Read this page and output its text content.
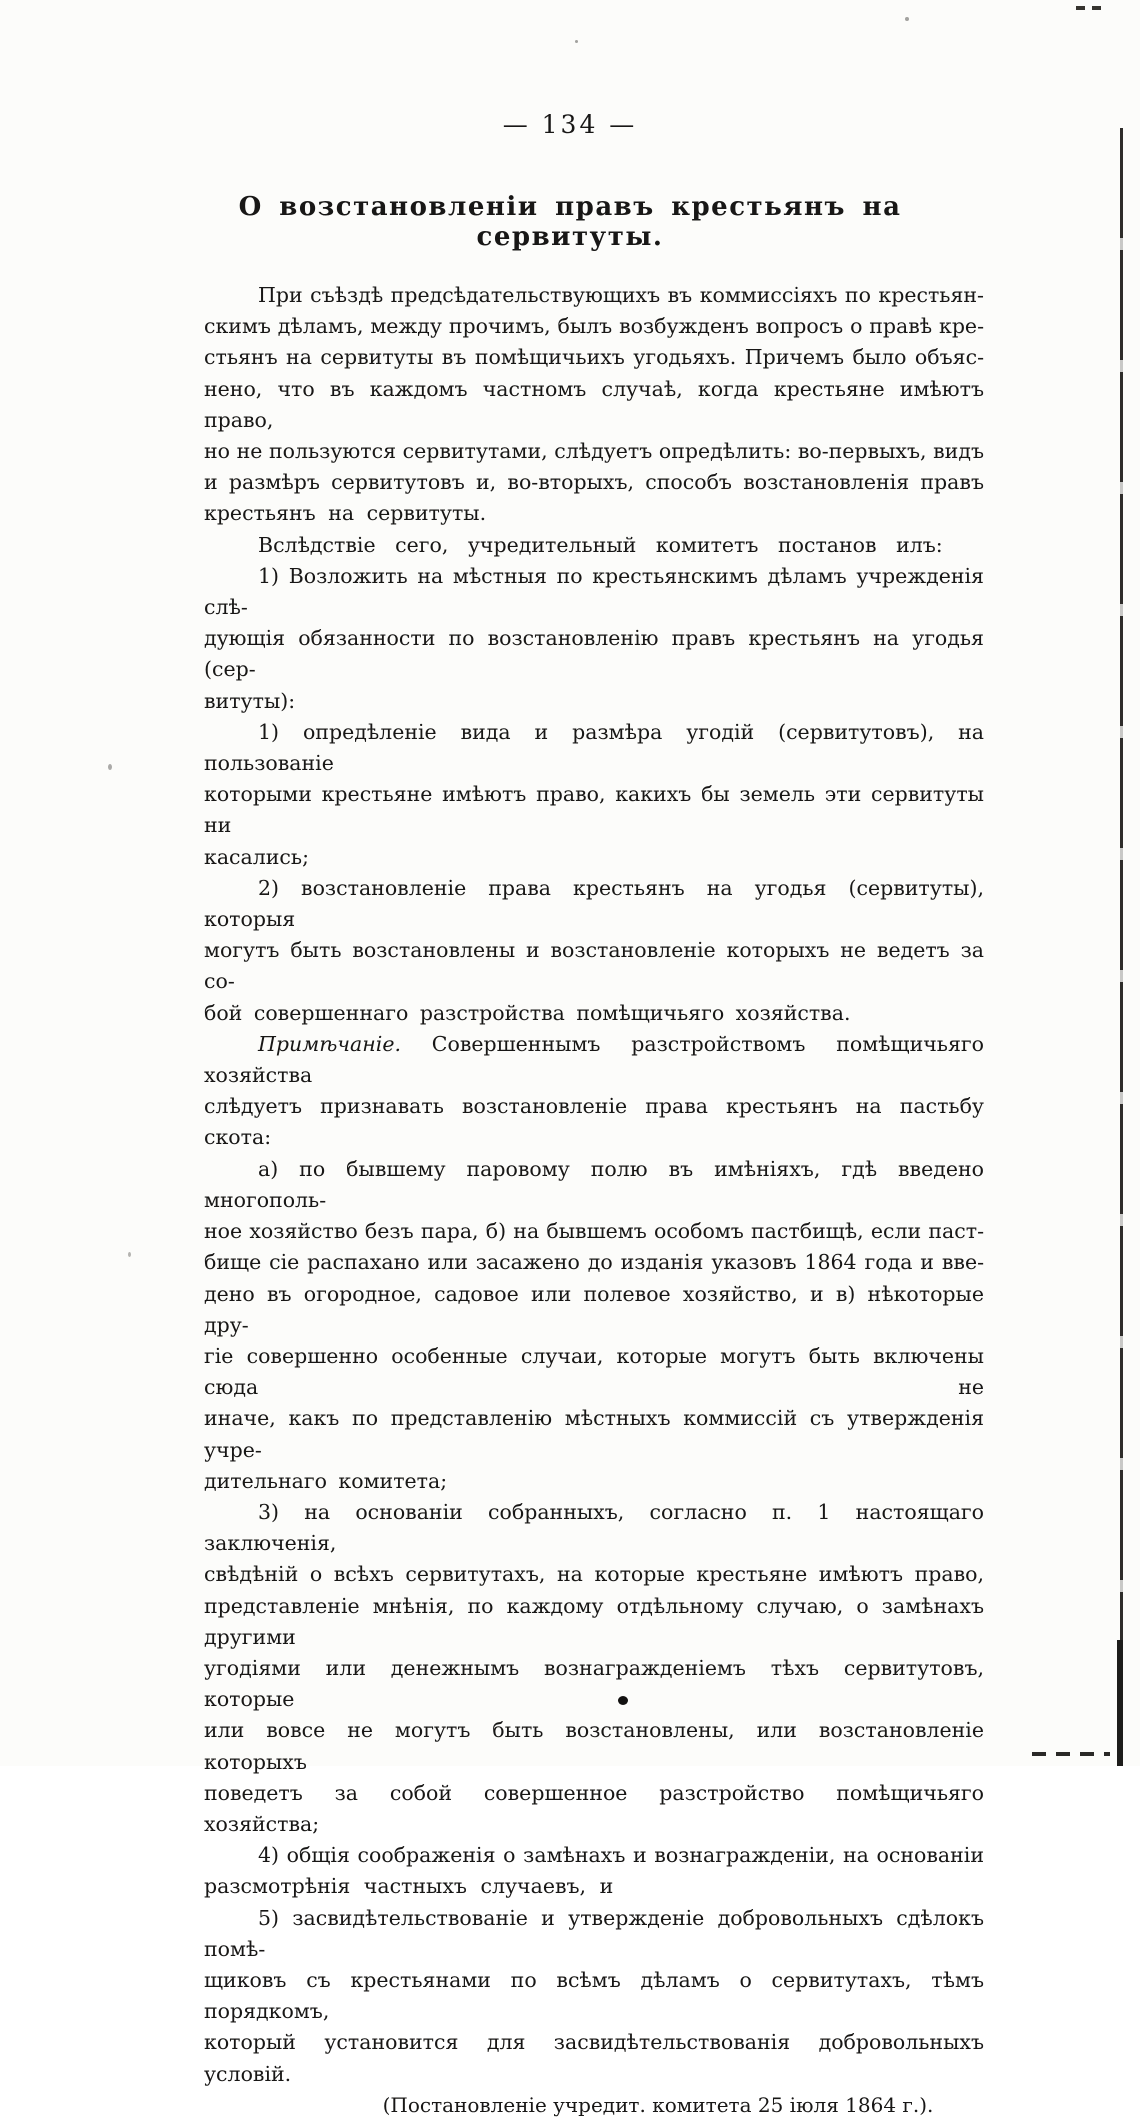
— 134 —
О возстановленіи правъ крестьянъ на сервитуты.
При съѣздѣ предсѣдательствующихъ въ коммиссіяхъ по крестьян-
скимъ дѣламъ, между прочимъ, былъ возбужденъ вопросъ о правѣ кре-
стьянъ на сервитуты въ помѣщичьихъ угодьяхъ. Причемъ было объяс-
нено, что въ каждомъ частномъ случаѣ, когда крестьяне имѣютъ право,
но не пользуются сервитутами, слѣдуетъ опредѣлить: во-первыхъ, видъ
и размѣръ сервитутовъ и, во-вторыхъ, способъ возстановленія правъ
крестьянъ на сервитуты.
Вслѣдствіе сего, учредительный комитетъ постанов илъ:
1) Возложить на мѣстныя по крестьянскимъ дѣламъ учрежденія слѣ-
дующія обязанности по возстановленію правъ крестьянъ на угодья (сер-
витуты):
1) опредѣленіе вида и размѣра угодій (сервитутовъ), на пользованіе
которыми крестьяне имѣютъ право, какихъ бы земель эти сервитуты ни
касались;
2) возстановленіе права крестьянъ на угодья (сервитуты), которыя
могутъ быть возстановлены и возстановленіе которыхъ не ведетъ за со-
бой совершеннаго разстройства помѣщичьяго хозяйства.
Примѣчаніе. Совершеннымъ разстройствомъ помѣщичьяго хозяйства
слѣдуетъ признавать возстановленіе права крестьянъ на пастьбу скота:
а) по бывшему паровому полю въ имѣніяхъ, гдѣ введено многополь-
ное хозяйство безъ пара, б) на бывшемъ особомъ пастбищѣ, если паст-
бище сіе распахано или засажено до изданія указовъ 1864 года и вве-
дено въ огородное, садовое или полевое хозяйство, и в) нѣкоторые дру-
гіе совершенно особенные случаи, которые могутъ быть включены сюда не
иначе, какъ по представленію мѣстныхъ коммиссій съ утвержденія учре-
дительнаго комитета;
3) на основаніи собранныхъ, согласно п. 1 настоящаго заключенія,
свѣдѣній о всѣхъ сервитутахъ, на которые крестьяне имѣютъ право,
представленіе мнѣнія, по каждому отдѣльному случаю, о замѣнахъ другими
угодіями или денежнымъ вознагражденіемъ тѣхъ сервитутовъ, которые
или вовсе не могутъ быть возстановлены, или возстановленіе которыхъ
поведетъ за собой совершенное разстройство помѣщичьяго хозяйства;
4) общія соображенія о замѣнахъ и вознагражденіи, на основаніи
разсмотрѣнія частныхъ случаевъ, и
5) засвидѣтельствованіе и утвержденіе добровольныхъ сдѣлокъ помѣ-
щиковъ съ крестьянами по всѣмъ дѣламъ о сервитутахъ, тѣмъ порядкомъ,
который установится для засвидѣтельствованія добровольныхъ условій.
(Постановленіе учредит. комитета 25 іюля 1864 г.).
